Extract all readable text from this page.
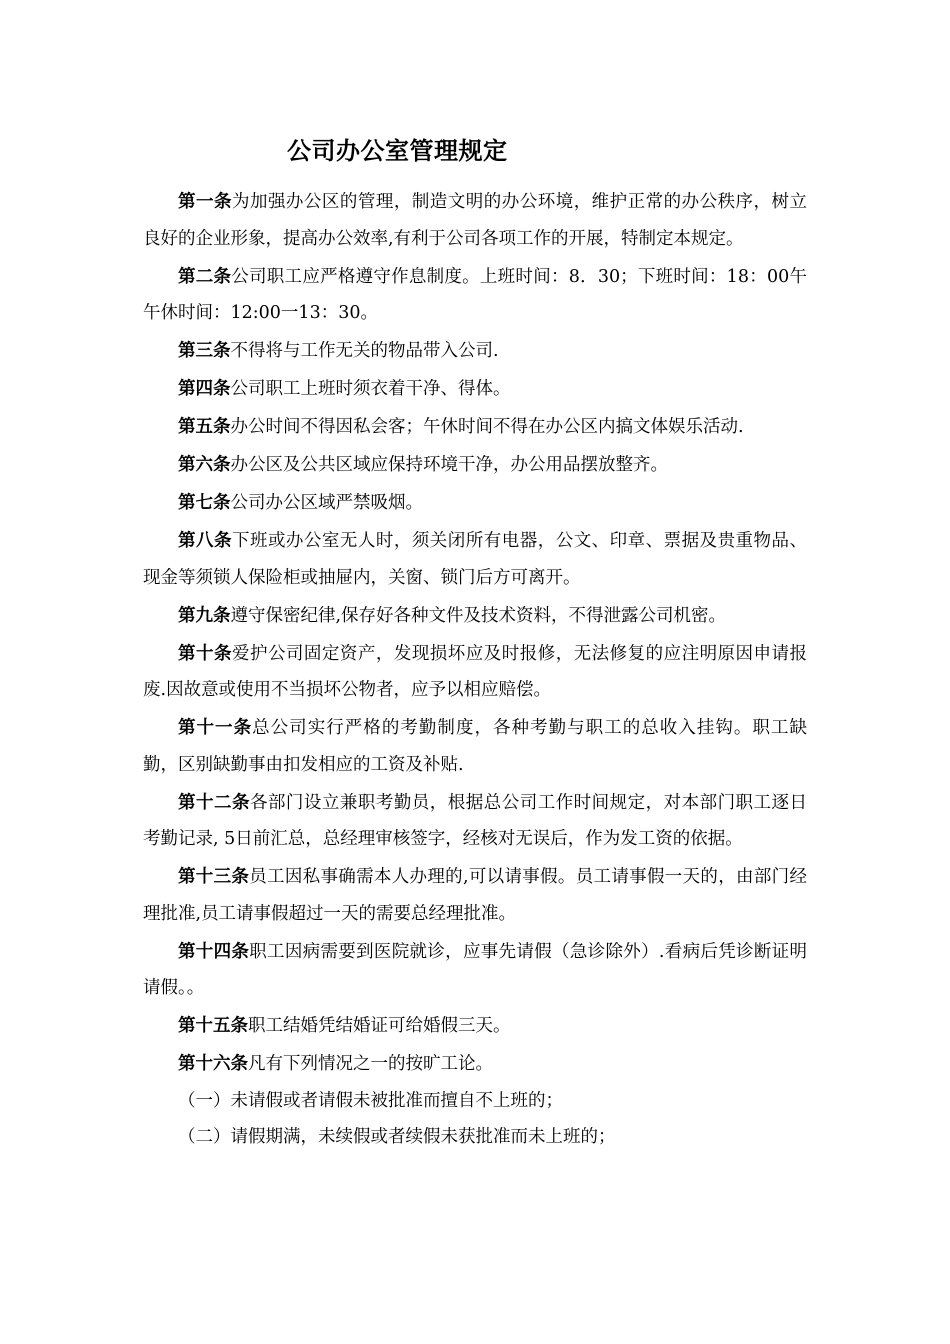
公司办公室管理规定

第一条为加强办公区的管理，制造文明的办公环境，维护正常的办公秩序，树立良好的企业形象，提高办公效率,有利于公司各项工作的开展，特制定本规定。

第二条公司职工应严格遵守作息制度。上班时间：8．30；下班时间：18：00午午休时间：12:00一13：30。

第三条不得将与工作无关的物品带入公司.

第四条公司职工上班时须衣着干净、得体。

第五条办公时间不得因私会客；午休时间不得在办公区内搞文体娱乐活动.

第六条办公区及公共区域应保持环境干净，办公用品摆放整齐。

第七条公司办公区域严禁吸烟。

第八条下班或办公室无人时，须关闭所有电器，公文、印章、票据及贵重物品、现金等须锁人保险柜或抽屉内，关窗、锁门后方可离开。

第九条遵守保密纪律,保存好各种文件及技术资料，不得泄露公司机密。

第十条爱护公司固定资产，发现损坏应及时报修，无法修复的应注明原因申请报废.因故意或使用不当损坏公物者，应予以相应赔偿。

第十一条总公司实行严格的考勤制度，各种考勤与职工的总收入挂钩。职工缺勤，区别缺勤事由扣发相应的工资及补贴.

第十二条各部门设立兼职考勤员，根据总公司工作时间规定，对本部门职工逐日考勤记录, 5日前汇总，总经理审核签字，经核对无误后，作为发工资的依据。

第十三条员工因私事确需本人办理的,可以请事假。员工请事假一天的，由部门经理批准,员工请事假超过一天的需要总经理批准。

第十四条职工因病需要到医院就诊，应事先请假（急诊除外）.看病后凭诊断证明请假。。

第十五条职工结婚凭结婚证可给婚假三天。

第十六条凡有下列情况之一的按旷工论。

（一）未请假或者请假未被批准而擅自不上班的；

（二）请假期满，未续假或者续假未获批准而未上班的；
